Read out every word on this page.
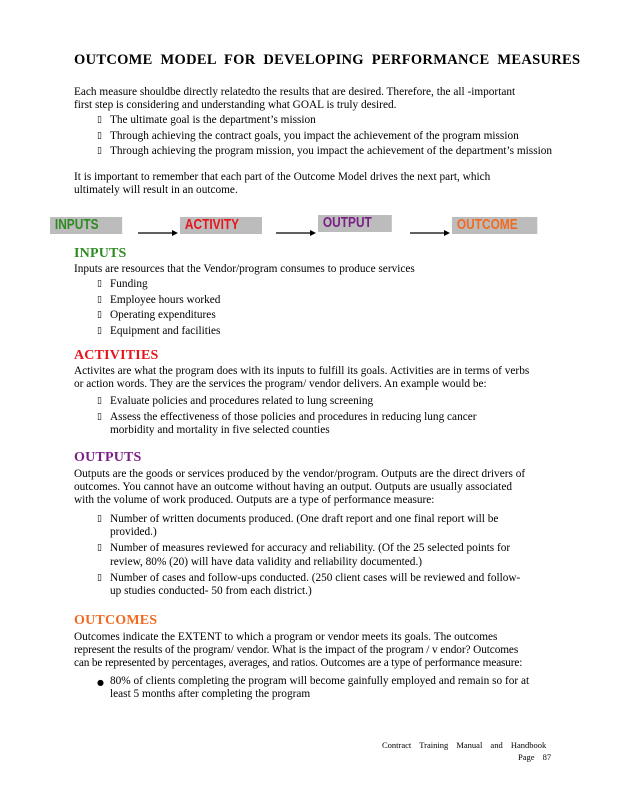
OUTCOME MODEL FOR DEVELOPING PERFORMANCE MEASURES
Each measure shouldbe directly relatedto the results that are desired. Therefore, the all -important
first step is considering and understanding what GOAL is truly desired.
▯ The ultimate goal is the department’s mission
▯ Through achieving the contract goals, you impact the achievement of the program mission
▯ Through achieving the program mission, you impact the achievement of the department’s mission
It is important to remember that each part of the Outcome Model drives the next part, which
ultimately will result in an outcome.
INPUTS	ACTIVITY	OUTPUT	OUTCOME
INPUTS
Inputs are resources that the Vendor/program consumes to produce services
▯ Funding
▯ Employee hours worked
▯ Operating expenditures
▯ Equipment and facilities
ACTIVITIES
Activites are what the program does with its inputs to fulfill its goals. Activities are in terms of verbs
or action words. They are the services the program/ vendor delivers. An example would be:
▯ Evaluate policies and procedures related to lung screening
▯ Assess the effectiveness of those policies and procedures in reducing lung cancer
morbidity and mortality in five selected counties
OUTPUTS
Outputs are the goods or services produced by the vendor/program. Outputs are the direct drivers of
outcomes. You cannot have an outcome without having an output. Outputs are usually associated
with the volume of work produced. Outputs are a type of performance measure:
▯ Number of written documents produced. (One draft report and one final report will be
provided.)
▯ Number of measures reviewed for accuracy and reliability. (Of the 25 selected points for
review, 80% (20) will have data validity and reliability documented.)
▯ Number of cases and follow-ups conducted. (250 client cases will be reviewed and follow-
up studies conducted- 50 from each district.)
OUTCOMES
Outcomes indicate the EXTENT to which a program or vendor meets its goals. The outcomes
represent the results of the program/ vendor. What is the impact of the program / v endor? Outcomes
can be represented by percentages, averages, and ratios. Outcomes are a type of performance measure:
● 80% of clients completing the program will become gainfully employed and remain so for at
least 5 months after completing the program
Contract Training Manual and Handbook
Page 87
